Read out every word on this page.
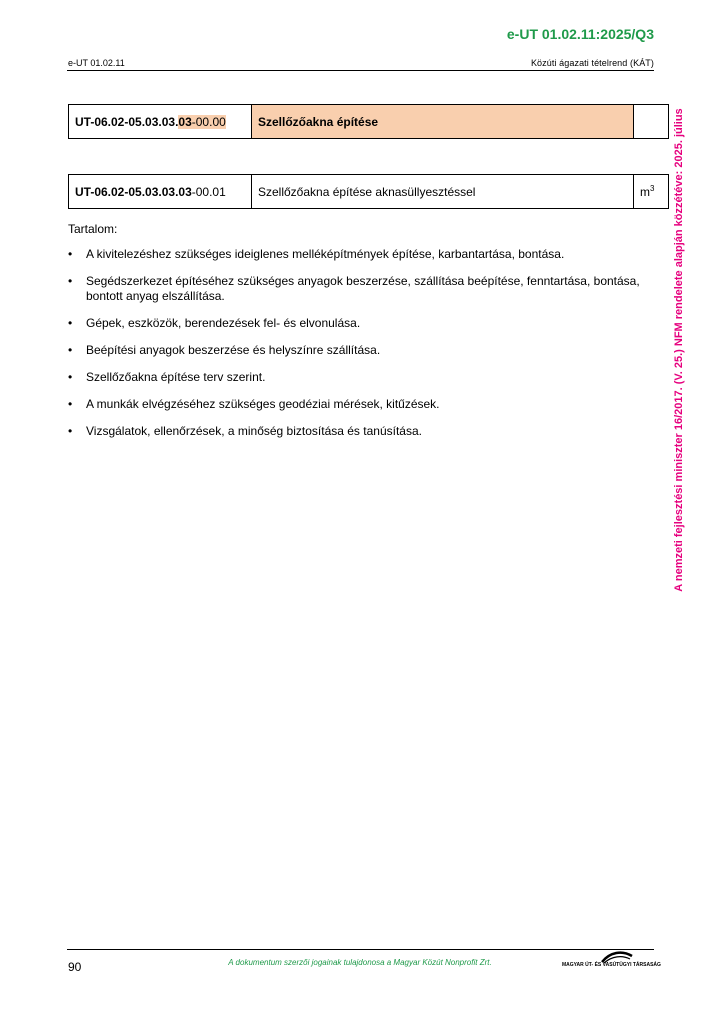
e-UT 01.02.11:2025/Q3
e-UT 01.02.11	Közúti ágazati tételrend (KÁT)
A nemzeti fejlesztési miniszter 16/2017. (V. 25.) NFM rendelete alapján közzétéve: 2025. július
UT-06.02-05.03.03.03-00.00	Szellőzőakna építése	
UT-06.02-05.03.03.03-00.01	Szellőzőakna építése aknasüllyesztéssel	$m^3$

Tartalom:

• A kivitelezéshez szükséges ideiglenes melléképítmények építése, karbantartása, bontása.
• Segédszerkezet építéséhez szükséges anyagok beszerzése, szállítása beépítése, fenntartása, bontása, bontott anyag elszállítása.
• Gépek, eszközök, berendezések fel- és elvonulása.
• Beépítési anyagok beszerzése és helyszínre szállítása.
• Szellőzőakna építése terv szerint.
• A munkák elvégzéséhez szükséges geodéziai mérések, kitűzések.
• Vizsgálatok, ellenőrzések, a minőség biztosítása és tanúsítása.
90	A dokumentum szerzői jogainak tulajdonosa a Magyar Közút Nonprofit Zrt.	MAGYAR ÚT- ÉS VASÚTÜGYI TÁRSASÁG
